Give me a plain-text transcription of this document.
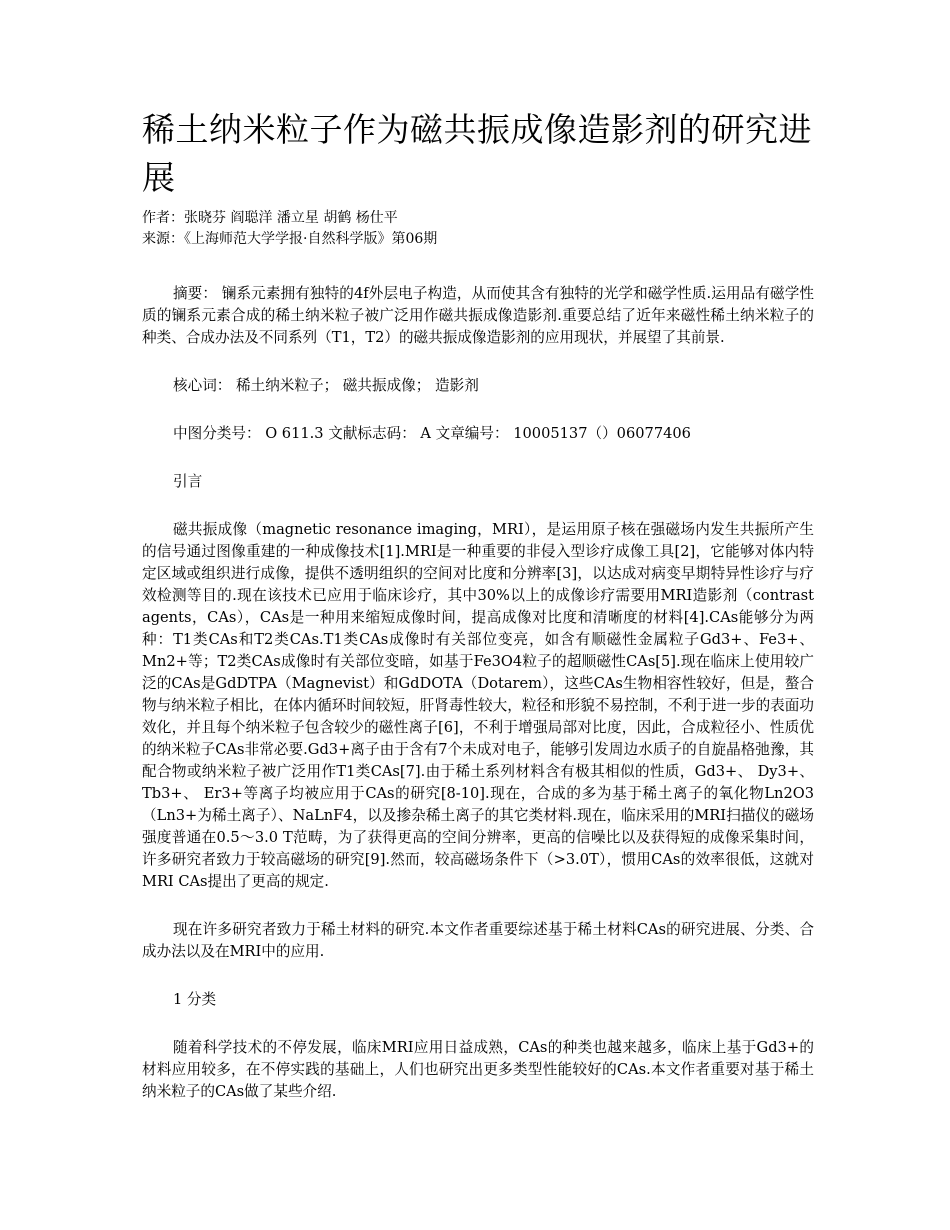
稀土纳米粒子作为磁共振成像造影剂的研究进展

作者：张晓芬 阎聪洋 潘立星 胡鹤 杨仕平

来源：《上海师范大学学报·自然科学版》第06期

摘要： 镧系元素拥有独特的4f外层电子构造，从而使其含有独特的光学和磁学性质.运用品有磁学性质的镧系元素合成的稀土纳米粒子被广泛用作磁共振成像造影剂.重要总结了近年来磁性稀土纳米粒子的种类、合成办法及不同系列（T1，T2）的磁共振成像造影剂的应用现状，并展望了其前景.

核心词： 稀土纳米粒子； 磁共振成像； 造影剂

中图分类号： O 611.3 文献标志码： A 文章编号： 10005137（）06077406

引言

磁共振成像（magnetic resonance imaging，MRI），是运用原子核在强磁场内发生共振所产生的信号通过图像重建的一种成像技术[1].MRI是一种重要的非侵入型诊疗成像工具[2]，它能够对体内特定区域或组织进行成像，提供不透明组织的空间对比度和分辨率[3]，以达成对病变早期特异性诊疗与疗效检测等目的.现在该技术已应用于临床诊疗，其中30%以上的成像诊疗需要用MRI造影剂（contrast agents，CAs），CAs是一种用来缩短成像时间，提高成像对比度和清晰度的材料[4].CAs能够分为两种：T1类CAs和T2类CAs.T1类CAs成像时有关部位变亮，如含有顺磁性金属粒子Gd3+、Fe3+、Mn2+等；T2类CAs成像时有关部位变暗，如基于Fe3O4粒子的超顺磁性CAs[5].现在临床上使用较广泛的CAs是GdDTPA（Magnevist）和GdDOTA（Dotarem），这些CAs生物相容性较好，但是，螯合物与纳米粒子相比，在体内循环时间较短，肝肾毒性较大，粒径和形貌不易控制，不利于进一步的表面功效化，并且每个纳米粒子包含较少的磁性离子[6]，不利于增强局部对比度，因此，合成粒径小、性质优的纳米粒子CAs非常必要.Gd3+离子由于含有7个未成对电子，能够引发周边水质子的自旋晶格弛豫，其配合物或纳米粒子被广泛用作T1类CAs[7].由于稀土系列材料含有极其相似的性质，Gd3+、 Dy3+、 Tb3+、 Er3+等离子均被应用于CAs的研究[8-10].现在，合成的多为基于稀土离子的氧化物Ln2O3（Ln3+为稀土离子）、NaLnF4，以及掺杂稀土离子的其它类材料.现在，临床采用的MRI扫描仪的磁场强度普通在0.5～3.0 T范畴，为了获得更高的空间分辨率，更高的信噪比以及获得短的成像采集时间，许多研究者致力于较高磁场的研究[9].然而，较高磁场条件下（>3.0T），惯用CAs的效率很低，这就对MRI CAs提出了更高的规定.

现在许多研究者致力于稀土材料的研究.本文作者重要综述基于稀土材料CAs的研究进展、分类、合成办法以及在MRI中的应用.

1 分类

随着科学技术的不停发展，临床MRI应用日益成熟，CAs的种类也越来越多，临床上基于Gd3+的材料应用较多，在不停实践的基础上，人们也研究出更多类型性能较好的CAs.本文作者重要对基于稀土纳米粒子的CAs做了某些介绍.
